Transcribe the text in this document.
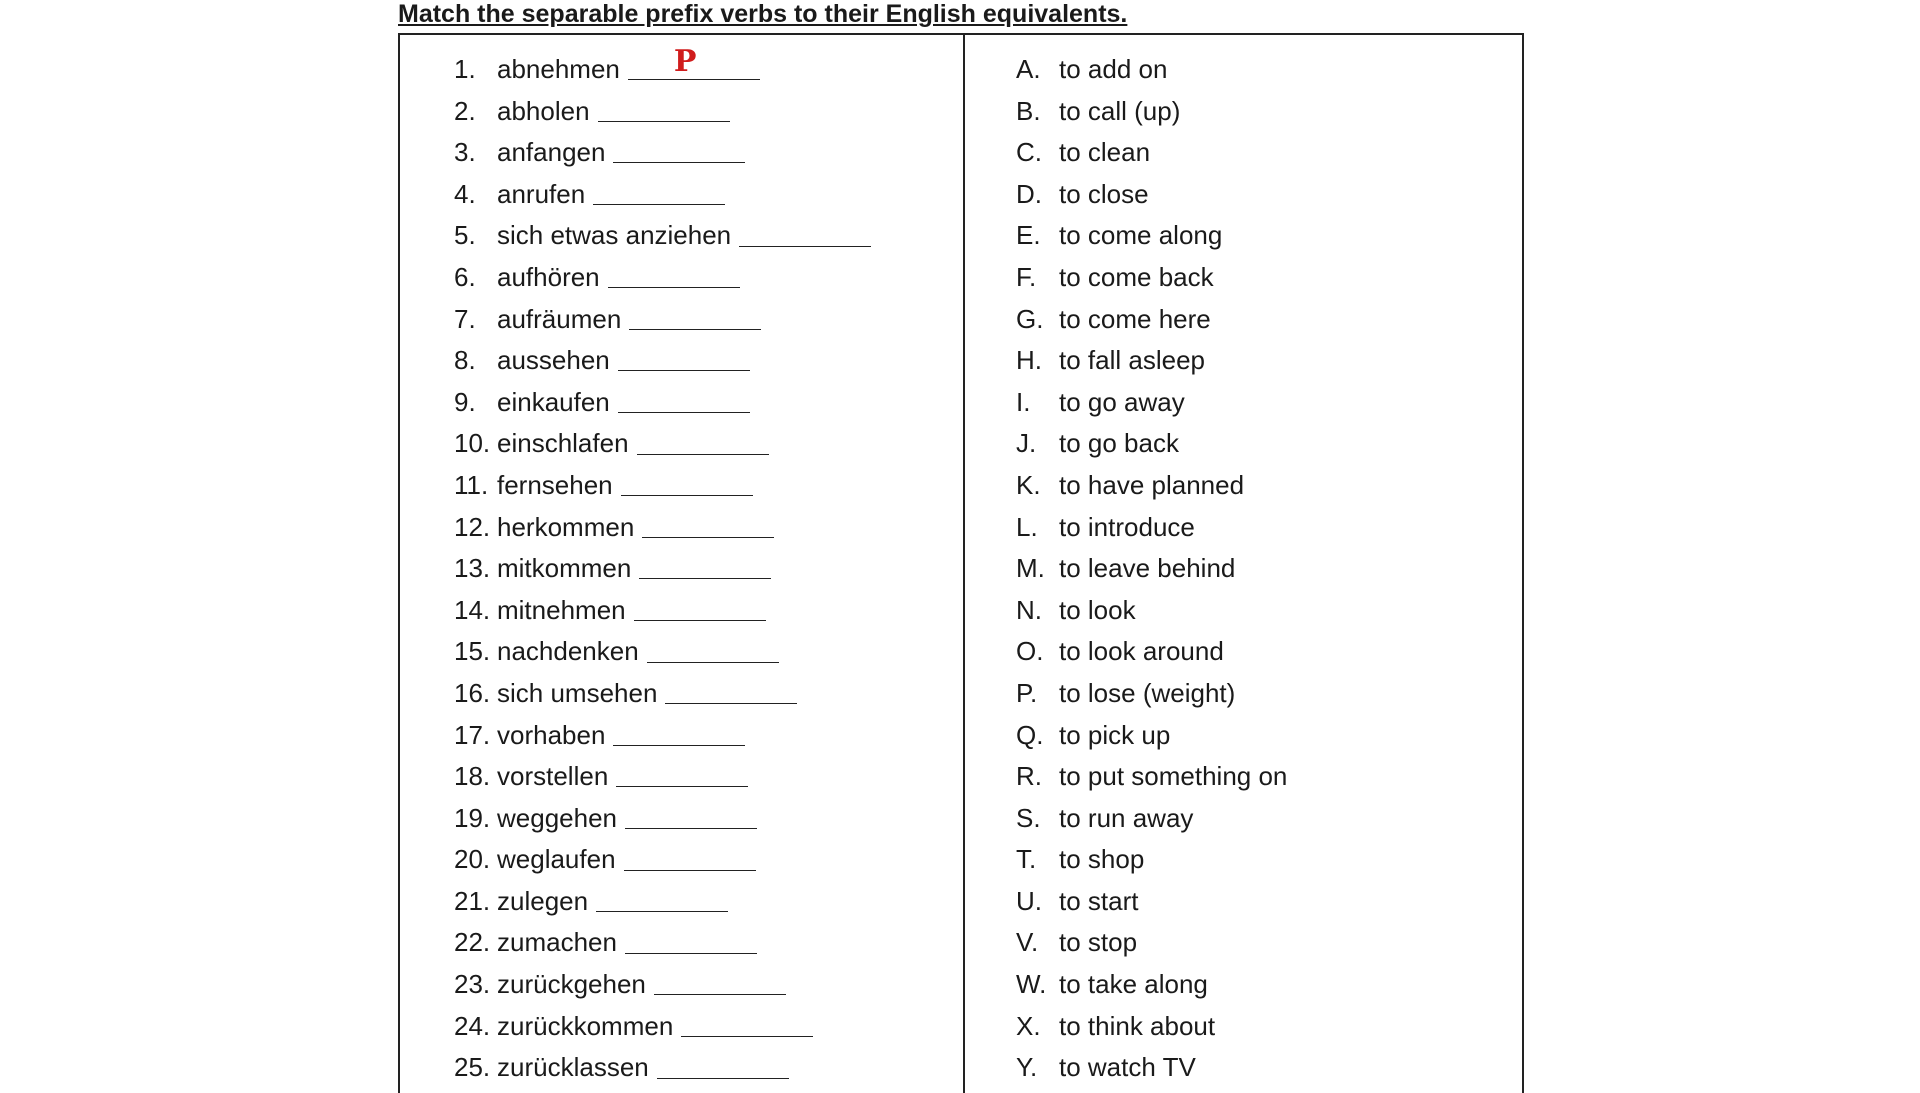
Match the separable prefix verbs to their English equivalents.
1. abnehmen P
2. abholen
3. anfangen
4. anrufen
5. sich etwas anziehen
6. aufhören
7. aufräumen
8. aussehen
9. einkaufen
10. einschlafen
11. fernsehen
12. herkommen
13. mitkommen
14. mitnehmen
15. nachdenken
16. sich umsehen
17. vorhaben
18. vorstellen
19. weggehen
20. weglaufen
21. zulegen
22. zumachen
23. zurückgehen
24. zurückkommen
25. zurücklassen
A. to add on
B. to call (up)
C. to clean
D. to close
E. to come along
F. to come back
G. to come here
H. to fall asleep
I.	to go away
J. to go back
K. to have planned
L. to introduce
M. to leave behind
N. to look
O. to look around
P. to lose (weight)
Q. to pick up
R. to put something on
S. to run away
T. to shop
U. to start
V. to stop
W. to take along
X. to think about
Y. to watch TV
